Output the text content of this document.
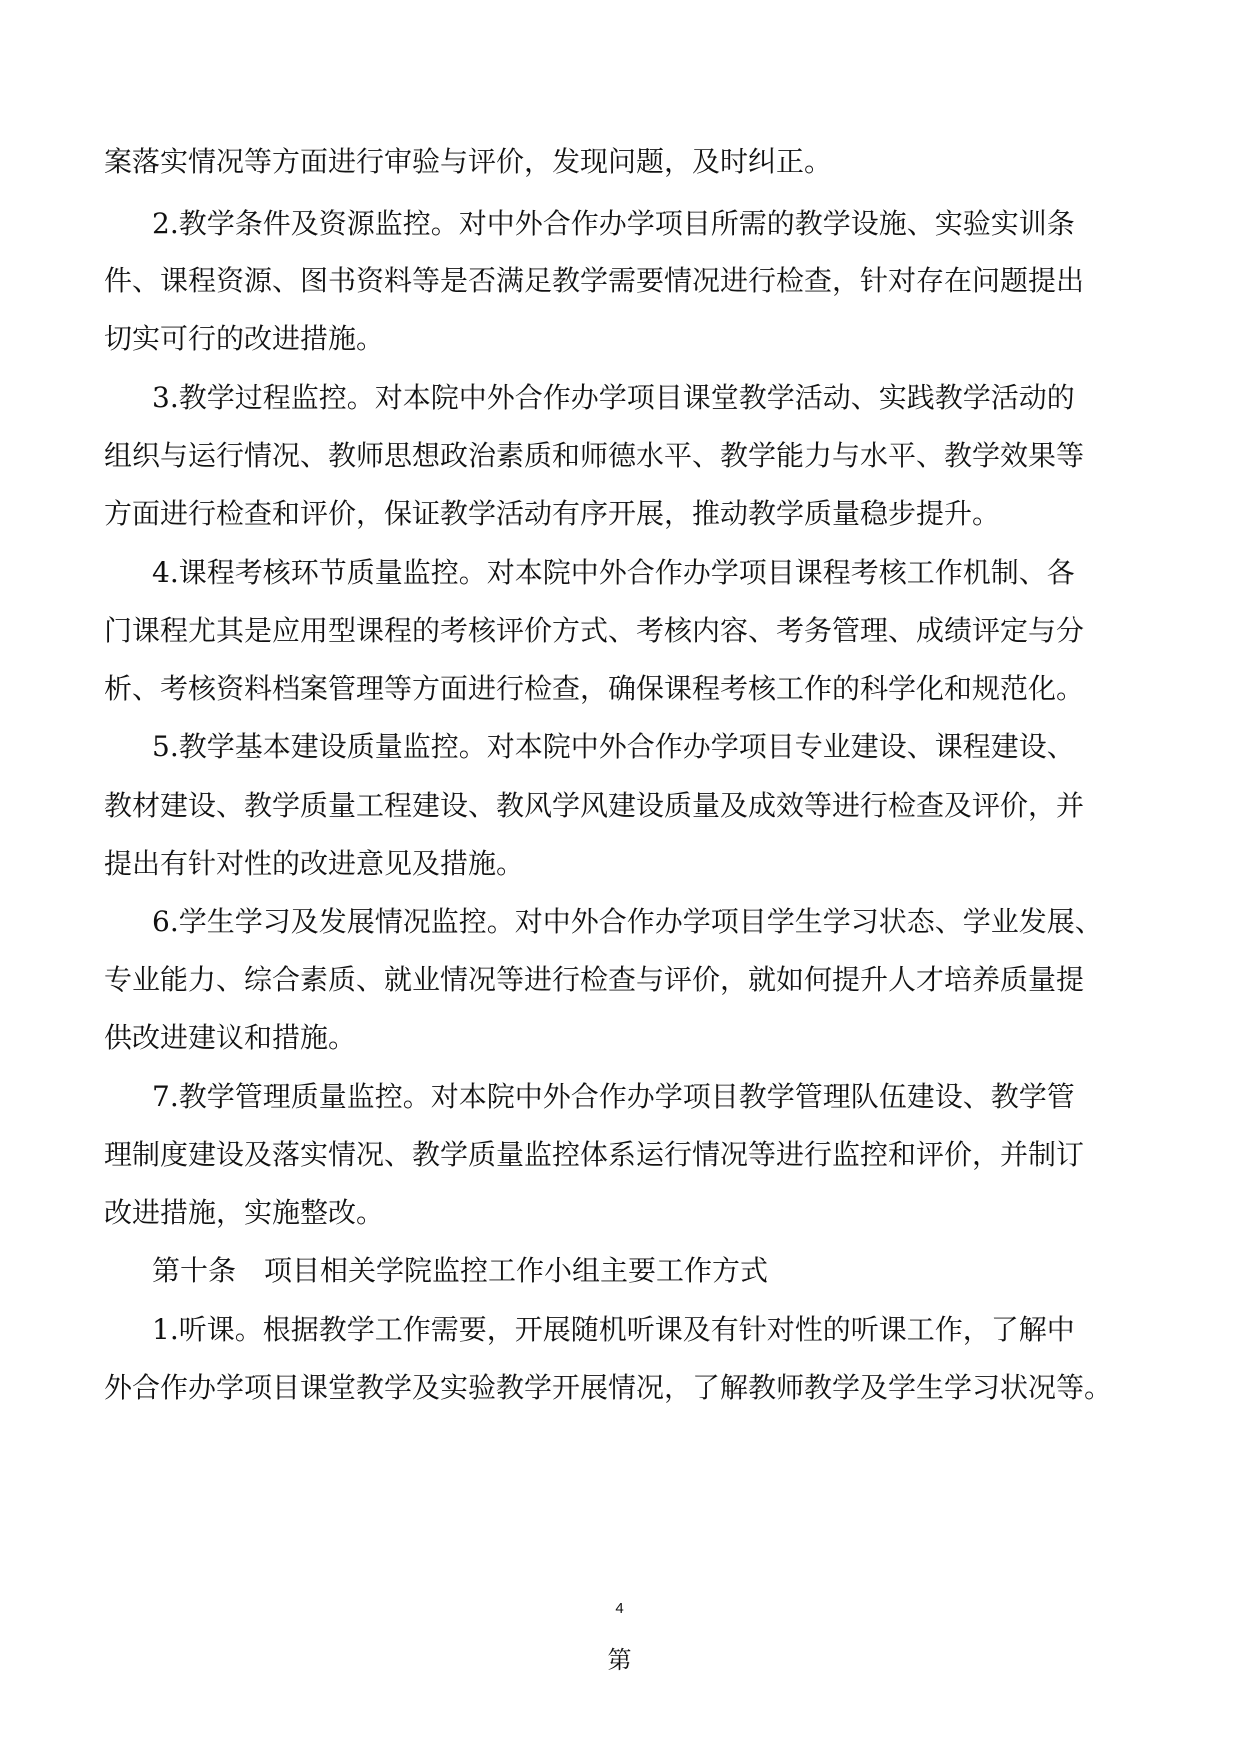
案落实情况等方面进行审验与评价，发现问题，及时纠正。

2.教学条件及资源监控。对中外合作办学项目所需的教学设施、实验实训条

件、课程资源、图书资料等是否满足教学需要情况进行检查，针对存在问题提出

切实可行的改进措施。

3.教学过程监控。对本院中外合作办学项目课堂教学活动、实践教学活动的

组织与运行情况、教师思想政治素质和师德水平、教学能力与水平、教学效果等

方面进行检查和评价，保证教学活动有序开展，推动教学质量稳步提升。

4.课程考核环节质量监控。对本院中外合作办学项目课程考核工作机制、各

门课程尤其是应用型课程的考核评价方式、考核内容、考务管理、成绩评定与分

析、考核资料档案管理等方面进行检查，确保课程考核工作的科学化和规范化。

5.教学基本建设质量监控。对本院中外合作办学项目专业建设、课程建设、

教材建设、教学质量工程建设、教风学风建设质量及成效等进行检查及评价，并

提出有针对性的改进意见及措施。

6.学生学习及发展情况监控。对中外合作办学项目学生学习状态、学业发展、

专业能力、综合素质、就业情况等进行检查与评价，就如何提升人才培养质量提

供改进建议和措施。

7.教学管理质量监控。对本院中外合作办学项目教学管理队伍建设、教学管

理制度建设及落实情况、教学质量监控体系运行情况等进行监控和评价，并制订

改进措施，实施整改。

第十条　项目相关学院监控工作小组主要工作方式

1.听课。根据教学工作需要，开展随机听课及有针对性的听课工作，了解中

外合作办学项目课堂教学及实验教学开展情况，了解教师教学及学生学习状况等。

4
第
